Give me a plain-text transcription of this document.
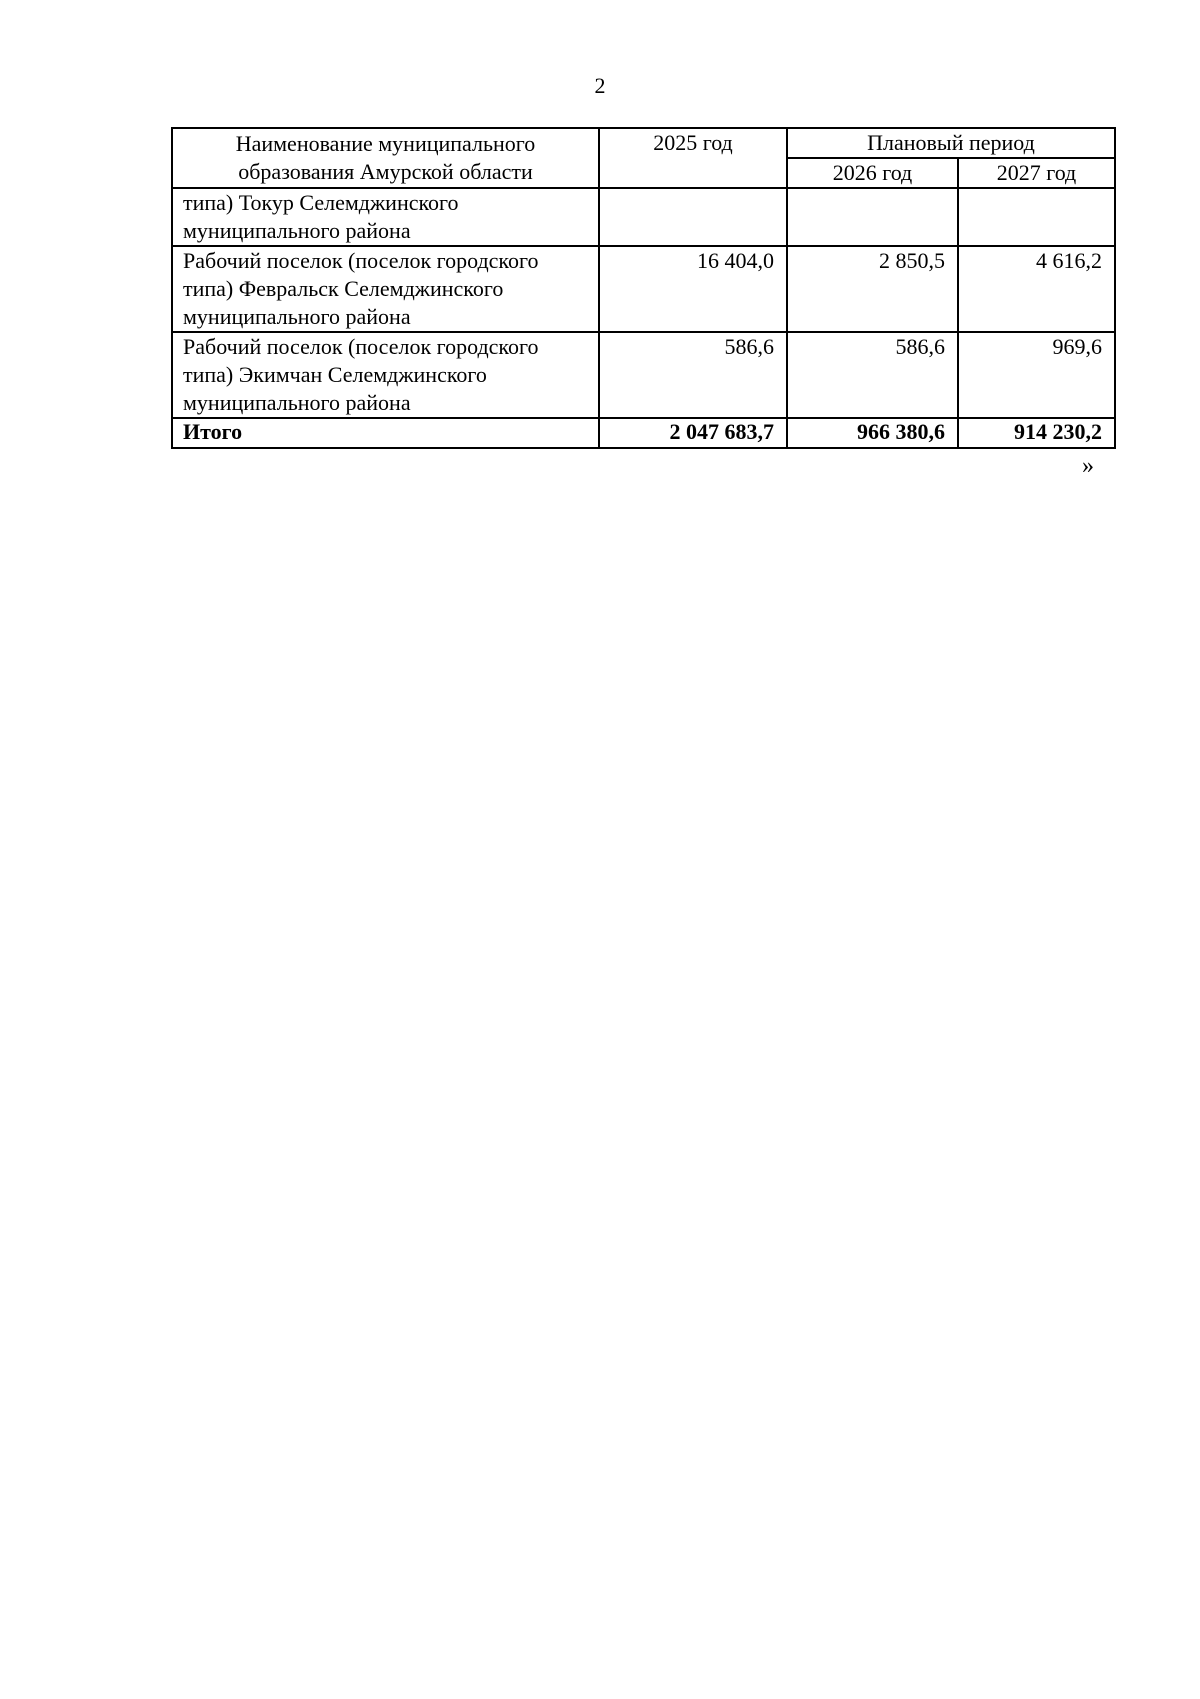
2
Наименование муниципального образования Амурской области	2025 год	Плановый период	
		2026 год	2027 год
типа) Токур Селемджинского муниципального района			
Рабочий поселок (поселок городского типа) Февральск Селемджинского муниципального района	16 404,0	2 850,5	4 616,2
Рабочий поселок (поселок городского типа) Экимчан Селемджинского муниципального района	586,6	586,6	969,6
Итого	2 047 683,7	966 380,6	914 230,2
»
